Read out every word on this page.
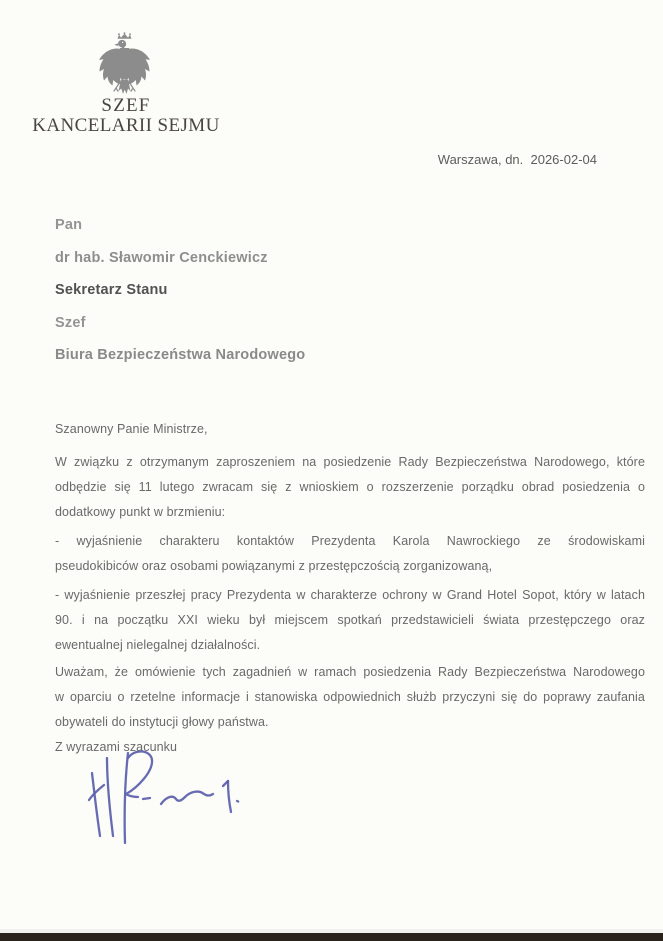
SZEF
KANCELARII SEJMU
Warszawa, dn.  2026-02-04

Pan

dr hab. Sławomir Cenckiewicz

Sekretarz Stanu

Szef

Biura Bezpieczeństwa Narodowego

Szanowny Panie Ministrze,

W związku z otrzymanym zaproszeniem na posiedzenie Rady Bezpieczeństwa Narodowego, które
odbędzie się 11 lutego zwracam się z wnioskiem o rozszerzenie porządku obrad posiedzenia o
dodatkowy punkt w brzmieniu:
- wyjaśnienie charakteru kontaktów Prezydenta Karola Nawrockiego ze środowiskami
pseudokibiców oraz osobami powiązanymi z przestępczością zorganizowaną,
- wyjaśnienie przeszłej pracy Prezydenta w charakterze ochrony w Grand Hotel Sopot, który w latach
90. i na początku XXI wieku był miejscem spotkań przedstawicieli świata przestępczego oraz
ewentualnej nielegalnej działalności.
Uważam, że omówienie tych zagadnień w ramach posiedzenia Rady Bezpieczeństwa Narodowego
w oparciu o rzetelne informacje i stanowiska odpowiednich służb przyczyni się do poprawy zaufania
obywateli do instytucji głowy państwa.

Z wyrazami szacunku
